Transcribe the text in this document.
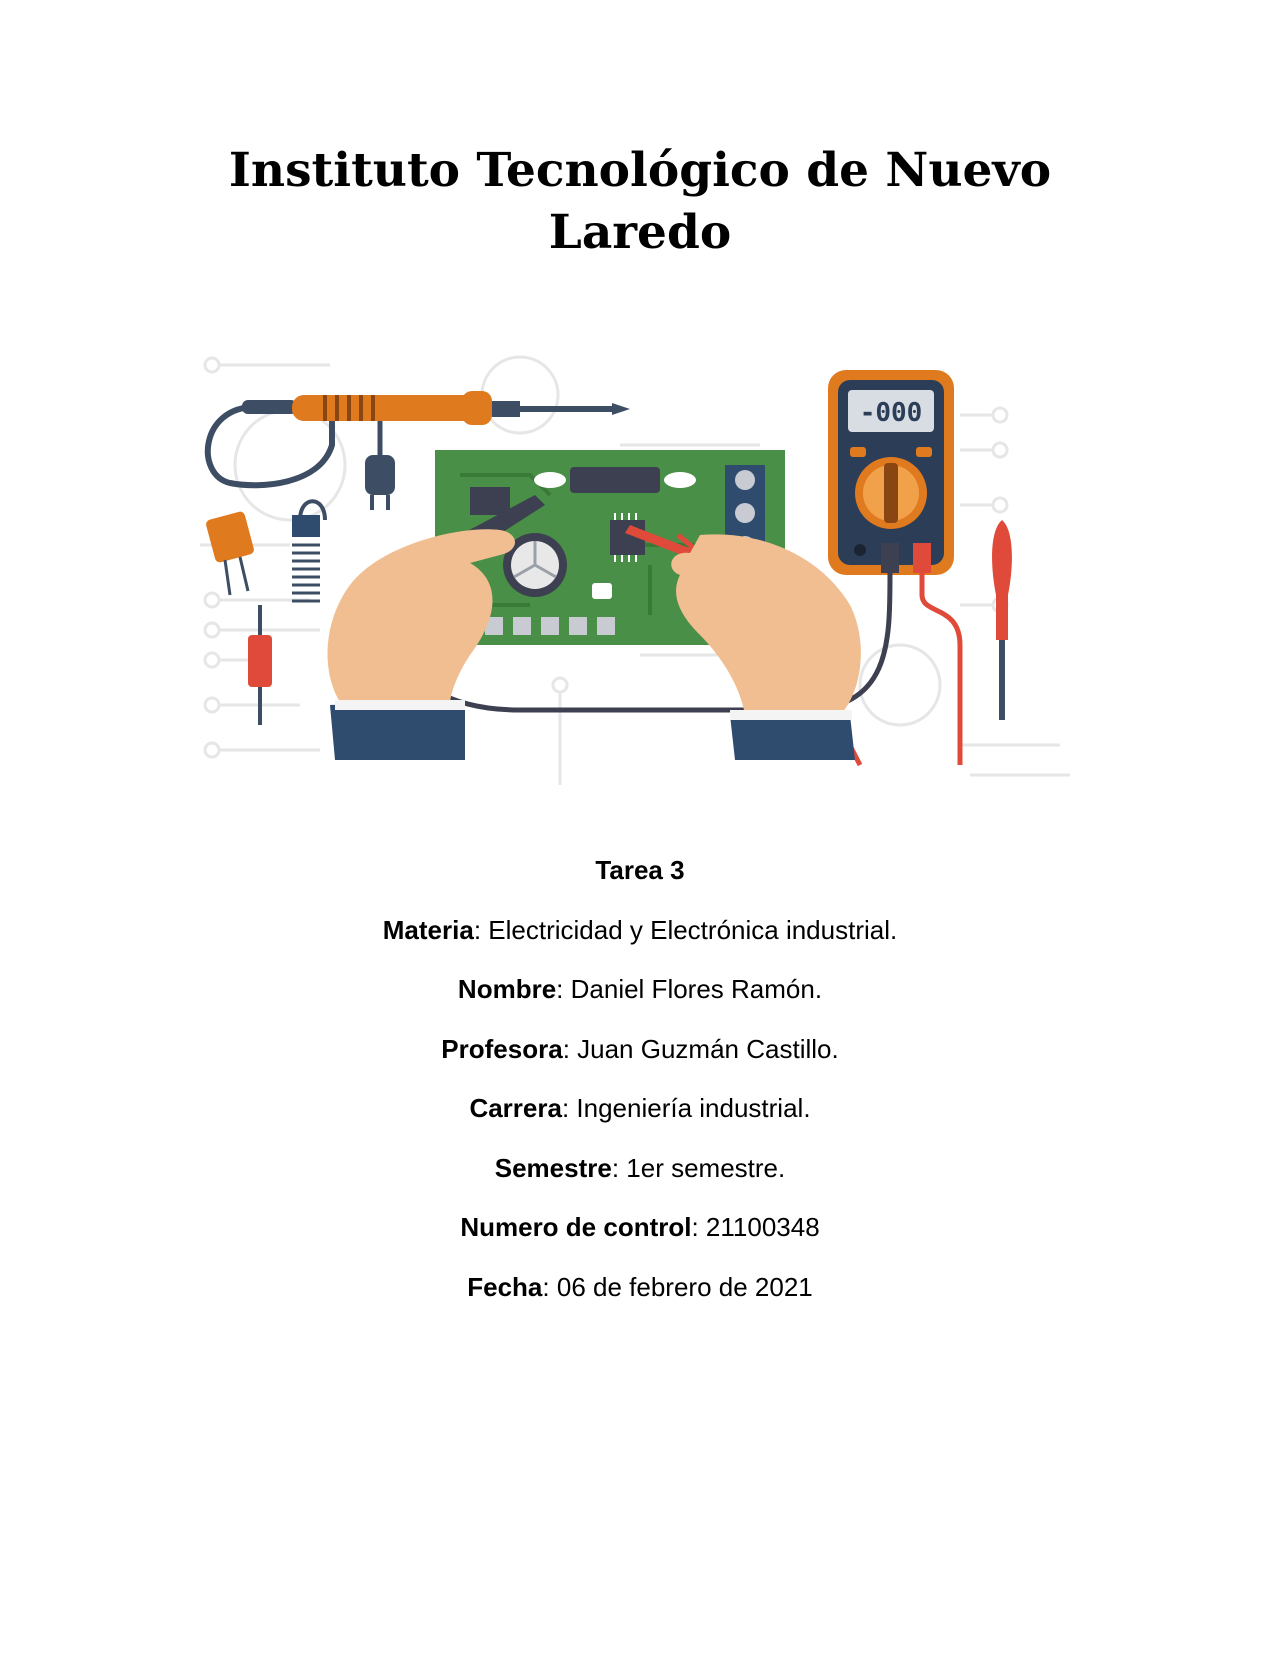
Instituto Tecnológico de Nuevo Laredo
-000
Tarea 3
Materia: Electricidad y Electrónica industrial.
Nombre: Daniel Flores Ramón.
Profesora: Juan Guzmán Castillo.
Carrera: Ingeniería industrial.
Semestre: 1er semestre.
Numero de control: 21100348
Fecha: 06 de febrero de 2021
